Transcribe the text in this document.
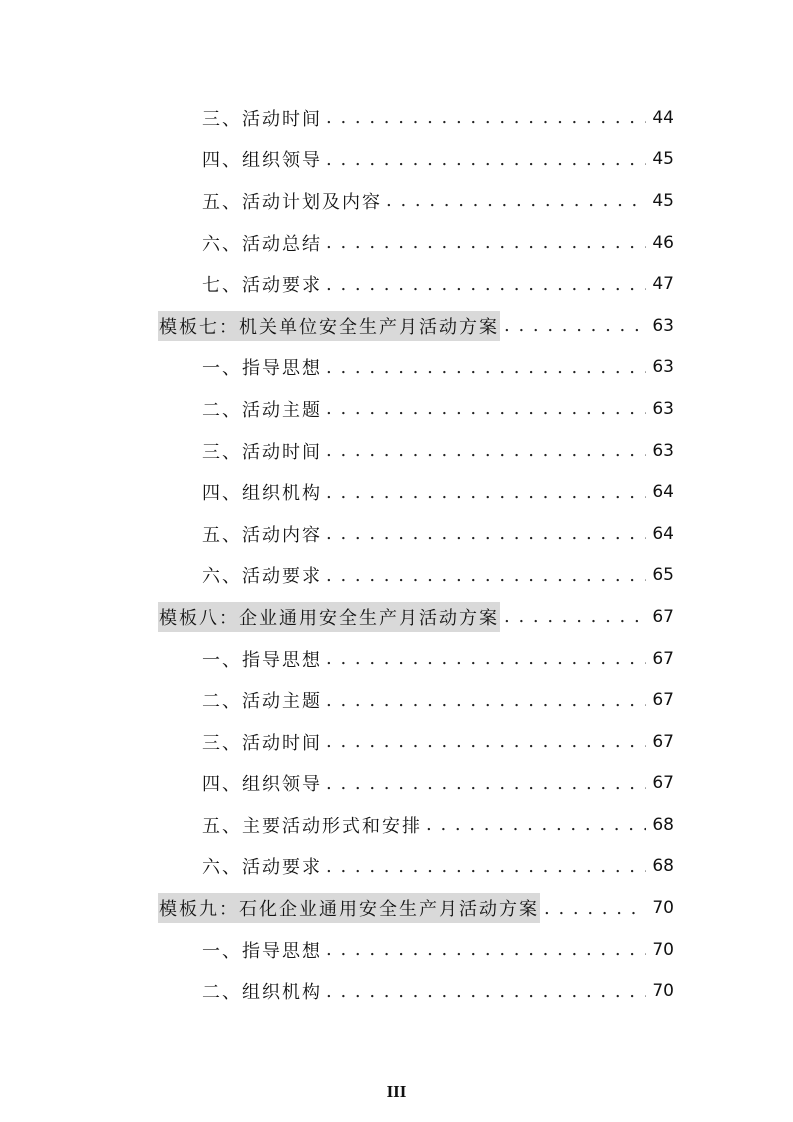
三、活动时间 . . .	44
四、组织领导 . . .	45
五、活动计划及内容 . . .	45
六、活动总结 . . .	46
七、活动要求 . . .	47
模板七：机关单位安全生产月活动方案 . . .	63
一、指导思想 . . .	63
二、活动主题 . . .	63
三、活动时间 . . .	63
四、组织机构 . . .	64
五、活动内容 . . .	64
六、活动要求 . . .	65
模板八：企业通用安全生产月活动方案 . . .	67
一、指导思想 . . .	67
二、活动主题 . . .	67
三、活动时间 . . .	67
四、组织领导 . . .	67
五、主要活动形式和安排 . . .	68
六、活动要求 . . .	68
模板九：石化企业通用安全生产月活动方案 . . .	70
一、指导思想 . . .	70
二、组织机构 . . .	70
III
